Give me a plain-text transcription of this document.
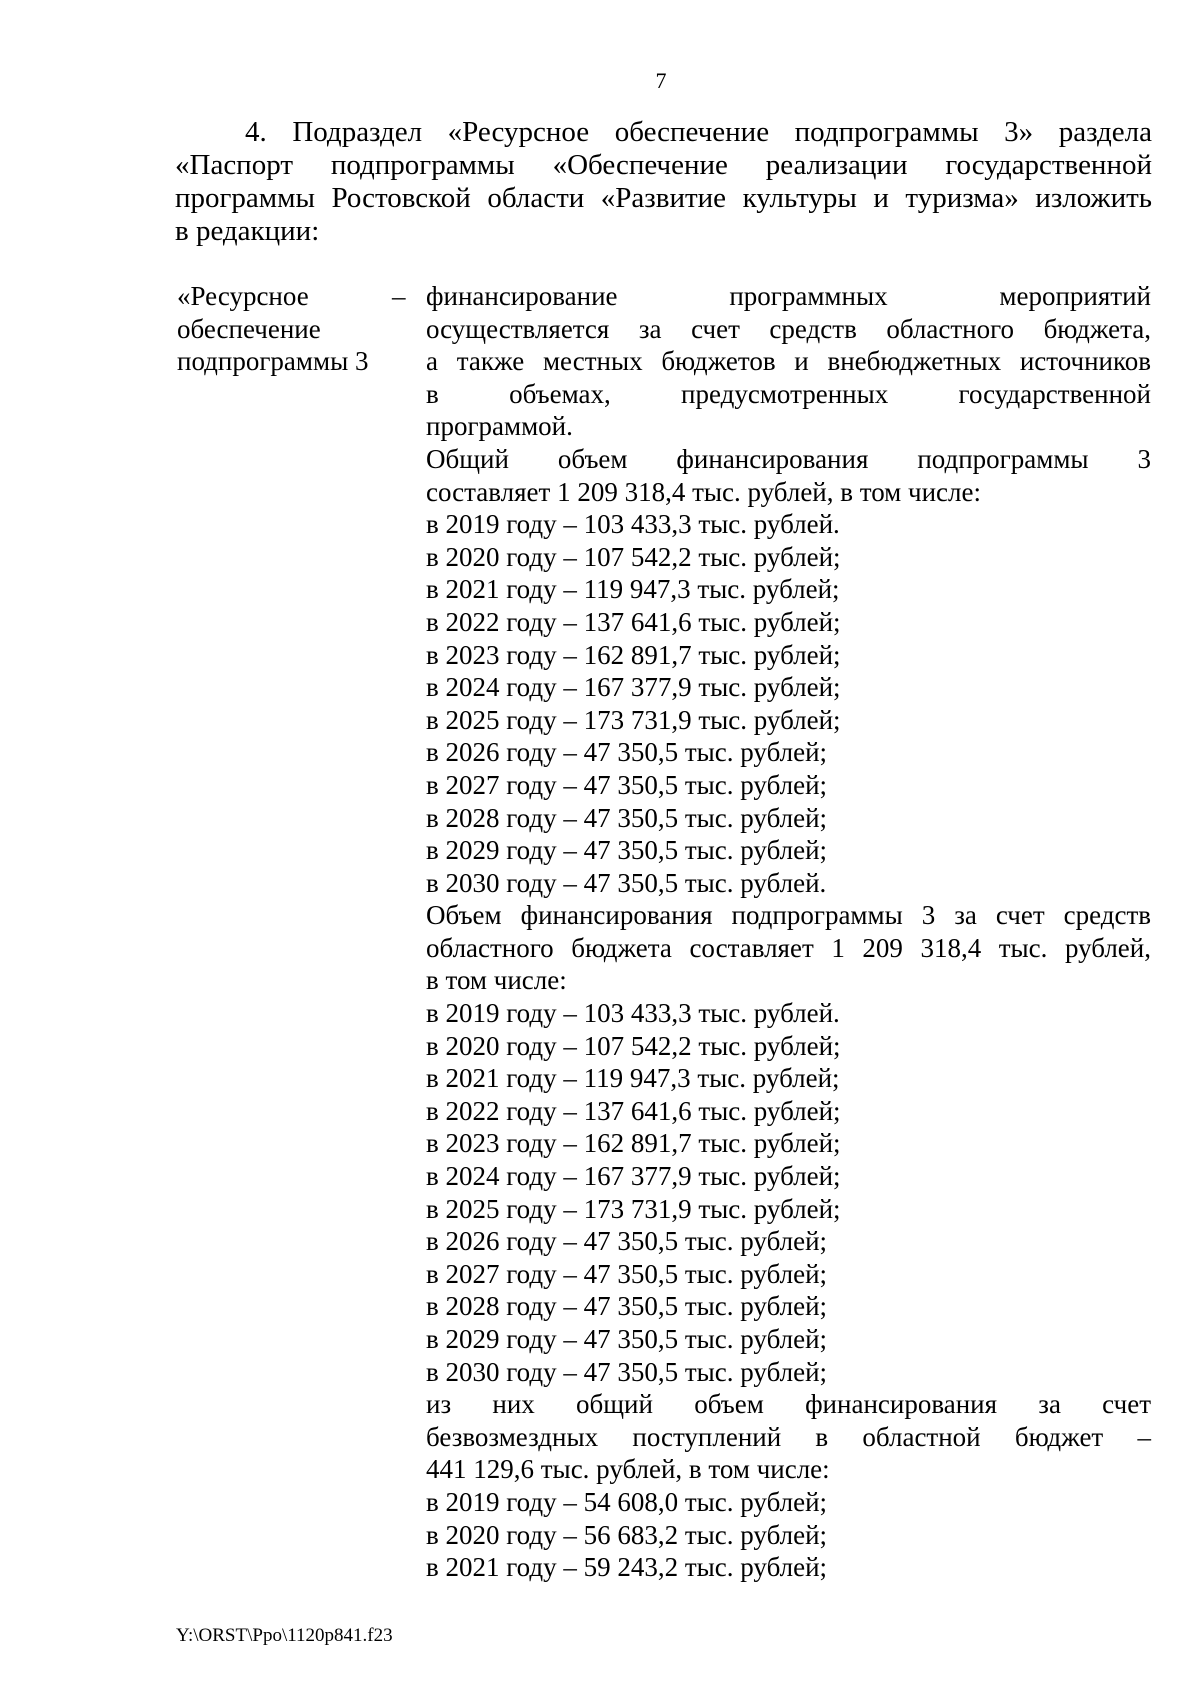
7
4. Подраздел «Ресурсное обеспечение подпрограммы 3» раздела
«Паспорт подпрограммы «Обеспечение реализации государственной
программы Ростовской области «Развитие культуры и туризма» изложить
в редакции:
«Ресурсное
обеспечение
подпрограммы 3
– финансирование программных мероприятий
осуществляется за счет средств областного бюджета,
а также местных бюджетов и внебюджетных источников
в объемах, предусмотренных государственной
программой.
Общий объем финансирования подпрограммы 3
составляет 1 209 318,4 тыс. рублей, в том числе:
в 2019 году – 103 433,3 тыс. рублей.
в 2020 году – 107 542,2 тыс. рублей;
в 2021 году – 119 947,3 тыс. рублей;
в 2022 году – 137 641,6 тыс. рублей;
в 2023 году – 162 891,7 тыс. рублей;
в 2024 году – 167 377,9 тыс. рублей;
в 2025 году – 173 731,9 тыс. рублей;
в 2026 году – 47 350,5 тыс. рублей;
в 2027 году – 47 350,5 тыс. рублей;
в 2028 году – 47 350,5 тыс. рублей;
в 2029 году – 47 350,5 тыс. рублей;
в 2030 году – 47 350,5 тыс. рублей.
Объем финансирования подпрограммы 3 за счет средств
областного бюджета составляет 1 209 318,4 тыс. рублей,
в том числе:
в 2019 году – 103 433,3 тыс. рублей.
в 2020 году – 107 542,2 тыс. рублей;
в 2021 году – 119 947,3 тыс. рублей;
в 2022 году – 137 641,6 тыс. рублей;
в 2023 году – 162 891,7 тыс. рублей;
в 2024 году – 167 377,9 тыс. рублей;
в 2025 году – 173 731,9 тыс. рублей;
в 2026 году – 47 350,5 тыс. рублей;
в 2027 году – 47 350,5 тыс. рублей;
в 2028 году – 47 350,5 тыс. рублей;
в 2029 году – 47 350,5 тыс. рублей;
в 2030 году – 47 350,5 тыс. рублей;
из них общий объем финансирования за счет
безвозмездных поступлений в областной бюджет –
441 129,6 тыс. рублей, в том числе:
в 2019 году – 54 608,0 тыс. рублей;
в 2020 году – 56 683,2 тыс. рублей;
в 2021 году – 59 243,2 тыс. рублей;
Y:\ORST\Ppo\1120p841.f23
